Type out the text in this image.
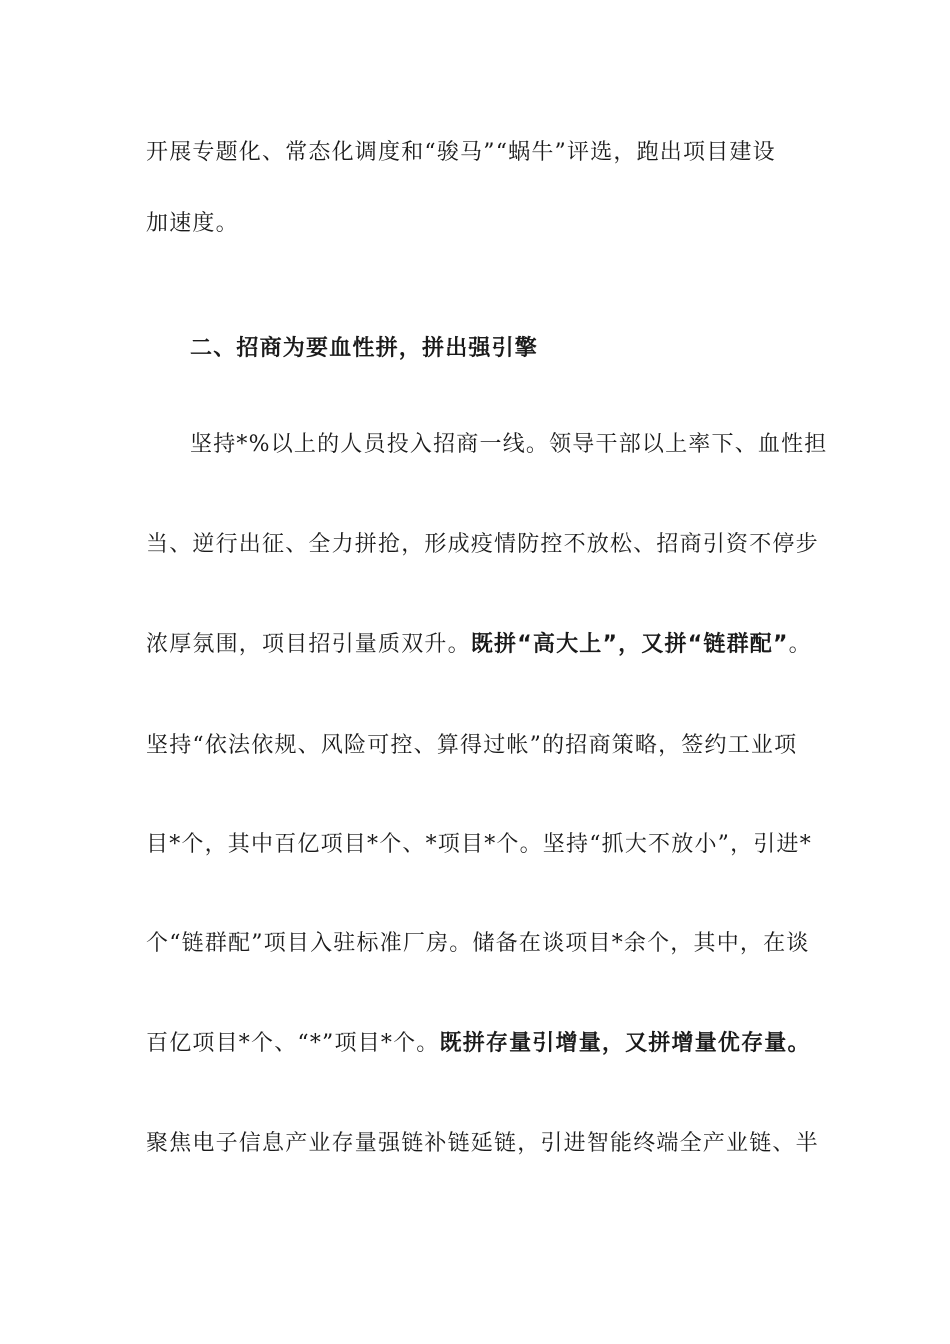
开展专题化、常态化调度和“骏马”“蜗牛”评选，跑出项目建设
加速度。
二、招商为要血性拼，拼出强引擎
坚持*%以上的人员投入招商一线。领导干部以上率下、血性担
当、逆行出征、全力拼抢，形成疫情防控不放松、招商引资不停步
浓厚氛围，项目招引量质双升。既拼“高大上”，又拼“链群配”。
坚持“依法依规、风险可控、算得过帐”的招商策略，签约工业项
目*个，其中百亿项目*个、*项目*个。坚持“抓大不放小”，引进*
个“链群配”项目入驻标准厂房。储备在谈项目*余个，其中，在谈
百亿项目*个、“*”项目*个。既拼存量引增量，又拼增量优存量。
聚焦电子信息产业存量强链补链延链，引进智能终端全产业链、半
